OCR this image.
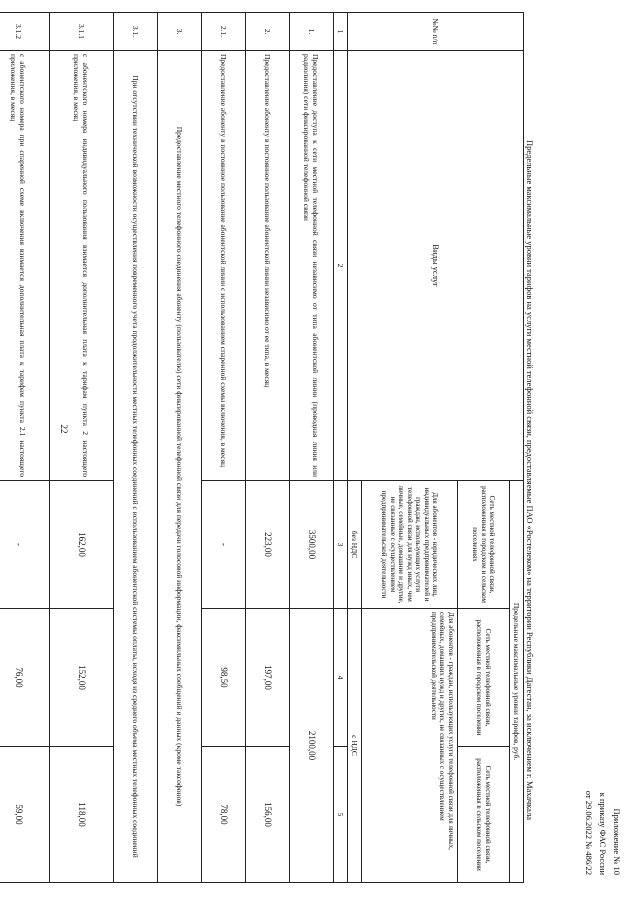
22
Приложение № 10
к приказу ФАС России
от 29.06.2022 № 486/22
Предельные максимальные уровни тарифов на услуги местной телефонной связи, предоставляемые ПАО «Ростелеком» на территории Республики Дагестан, за исключением г. Махачкала
№№ п/п	Виды услуг	Предельные максимальные уровни тарифов, руб.		
		Сеть местной телефонной связи, расположенная в городском и сельском поселениях	Сеть местной телефонной связи, расположенная в городском поселении	Сеть местной телефонной связи, расположенная в сельском поселении
		Для абонентов - юридических лиц, индивидуальных предпринимателей и граждан, использующих услуги телефонной связи для нужд иных, чем личные, семейные, домашние и другие, не связанные с осуществлением предпринимательской деятельности	Для абонентов - граждан, использующих услуги телефонной связи для личных, семейных, домашних нужд и других, не связанных с осуществлением предпринимательской деятельности	
		без НДС	с НДС	
1	2	3	4	5
1.	Предоставление доступа к сети местной телефонной связи независимо от типа абонентской линии (проводная линия или радиолиния) сети фиксированной телефонной связи	3500,00	2100,00	
2.	Предоставление абоненту в постоянное пользование абонентской линии независимо от ее типа, в месяц	223,00	197,00	156,00
2.1.	Предоставление абоненту в постоянное пользование абонентской линии с использованием спаренной схемы включения, в месяц	-	98,50	78,00
3.	Предоставление местного телефонного соединения абоненту (пользователю) сети фиксированной телефонной связи для передачи голосовой информации, факсимильных сообщений и данных (кроме таксофонов)			
3.1.	При отсутствии технической возможности осуществления повременного учета продолжительности местных телефонных соединений с использованием абонентской системы оплаты, исходя из среднего объема местных телефонных соединений			
3.1.1	с абонентского номера индивидуального пользования взимается дополнительная плата к тарифам пункта 2 настоящего приложения, в месяц	162,00	152,00	118,00
3.1.2	с абонентского номера при спаренной схеме включения взимается дополнительная плата к тарифам пункта 2.1 настоящего приложения, в месяц	-	76,00	59,00
